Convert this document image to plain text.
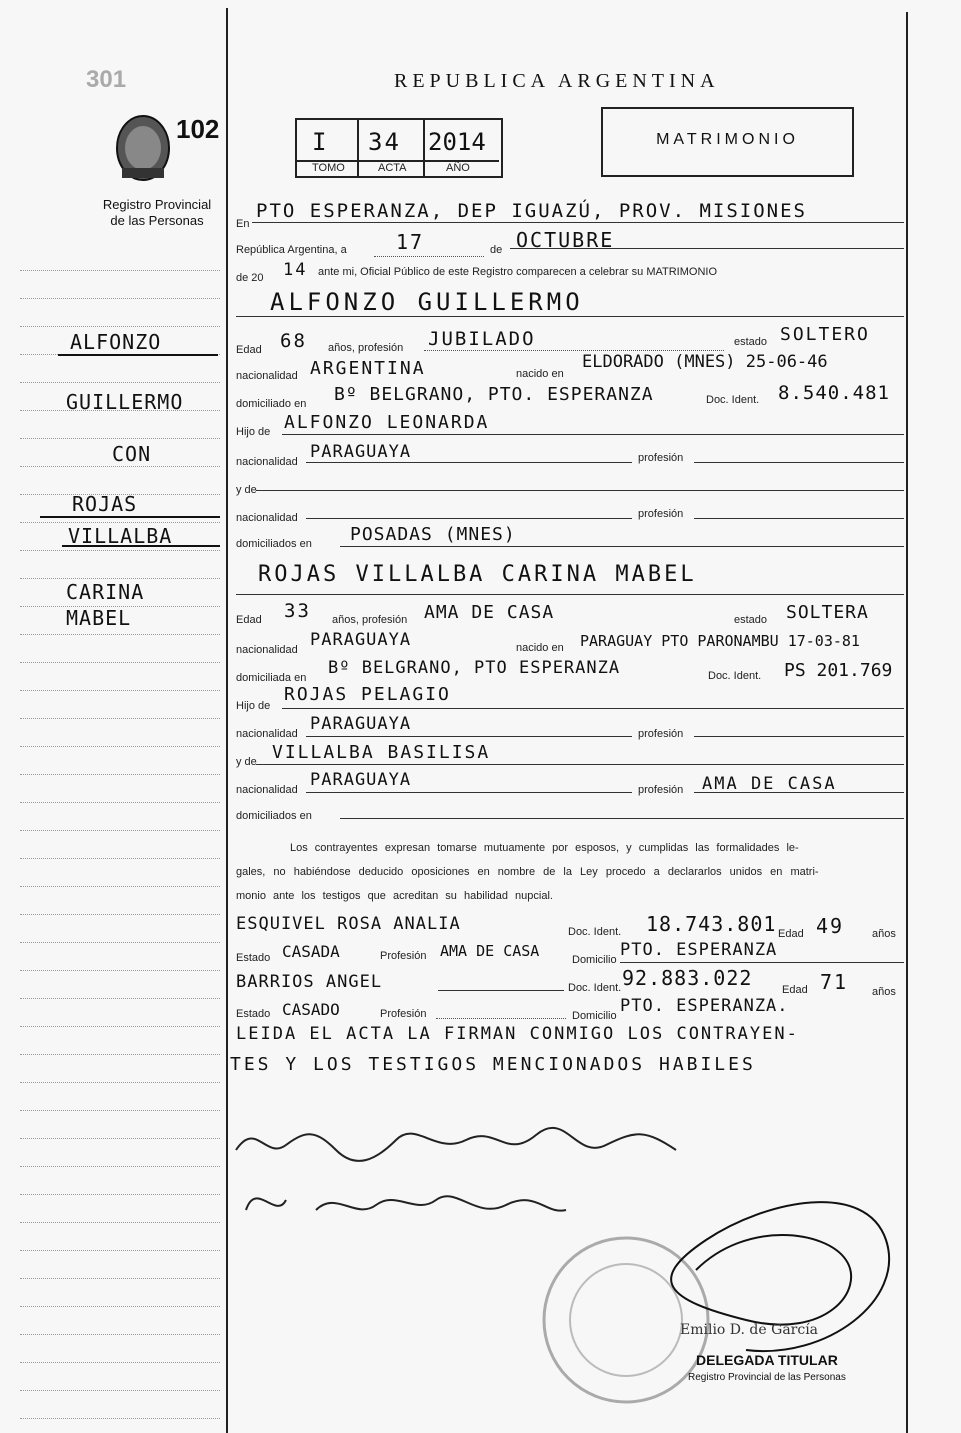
301
102
Registro Provincial
de las Personas
REPUBLICA ARGENTINA
I 34 2014
TOMO	ACTA	AÑO
MATRIMONIO
ALFONZO
GUILLERMO
CON
ROJAS
VILLALBA
CARINA
MABEL
En
PTO ESPERANZA, DEP IGUAZÚ, PROV. MISIONES
República Argentina, a 17	de OCTUBRE
de 20 14 ante mi, Oficial Público de este Registro comparecen a celebrar su MATRIMONIO
ALFONZO GUILLERMO
Edad 68 años, profesión JUBILADO	estado SOLTERO
nacionalidad ARGENTINA	nacido en
ELDORADO (MNES) 25-06-46
domiciliado en Bº BELGRANO, PTO. ESPERANZA	Doc. Ident. 8.540.481
Hijo de ALFONZO LEONARDA
nacionalidad PARAGUAYA	profesión
y de
nacionalidad	profesión
domiciliados en POSADAS (MNES)
ROJAS VILLALBA CARINA MABEL
Edad 33 años, profesión AMA DE CASA	estado SOLTERA
nacionalidad PARAGUAYA	nacido en PARAGUAY PTO PARONAMBU 17-03-81
domiciliada en Bº BELGRANO, PTO ESPERANZA	Doc. Ident. PS 201.769
Hijo de
ROJAS PELAGIO
nacionalidad PARAGUAYA	profesión
y de VILLALBA BASILISA
nacionalidad PARAGUAYA	profesión AMA DE CASA
domiciliados en
Los contrayentes expresan tomarse mutuamente por esposos, y cumplidas las formalidades le-
gales, no habiéndose deducido oposiciones en nombre de la Ley procedo a declararlos unidos en matri-
monio ante los testigos que acreditan su habilidad nupcial.
ESQUIVEL ROSA ANALIA	Doc. Ident. 18.743.801 Edad 49	años
Estado CASADA	Profesión AMA DE CASA	Domicilio PTO. ESPERANZA
BARRIOS ANGEL	Doc. Ident. 92.883.022	Edad 71 años
Estado CASADO	Profesión	Domicilio PTO. ESPERANZA.
LEIDA EL ACTA LA FIRMAN CONMIGO LOS CONTRAYEN-
TES Y LOS TESTIGOS MENCIONADOS HABILES
Emilio D. de García
DELEGADA TITULAR
Registro Provincial de las Personas
